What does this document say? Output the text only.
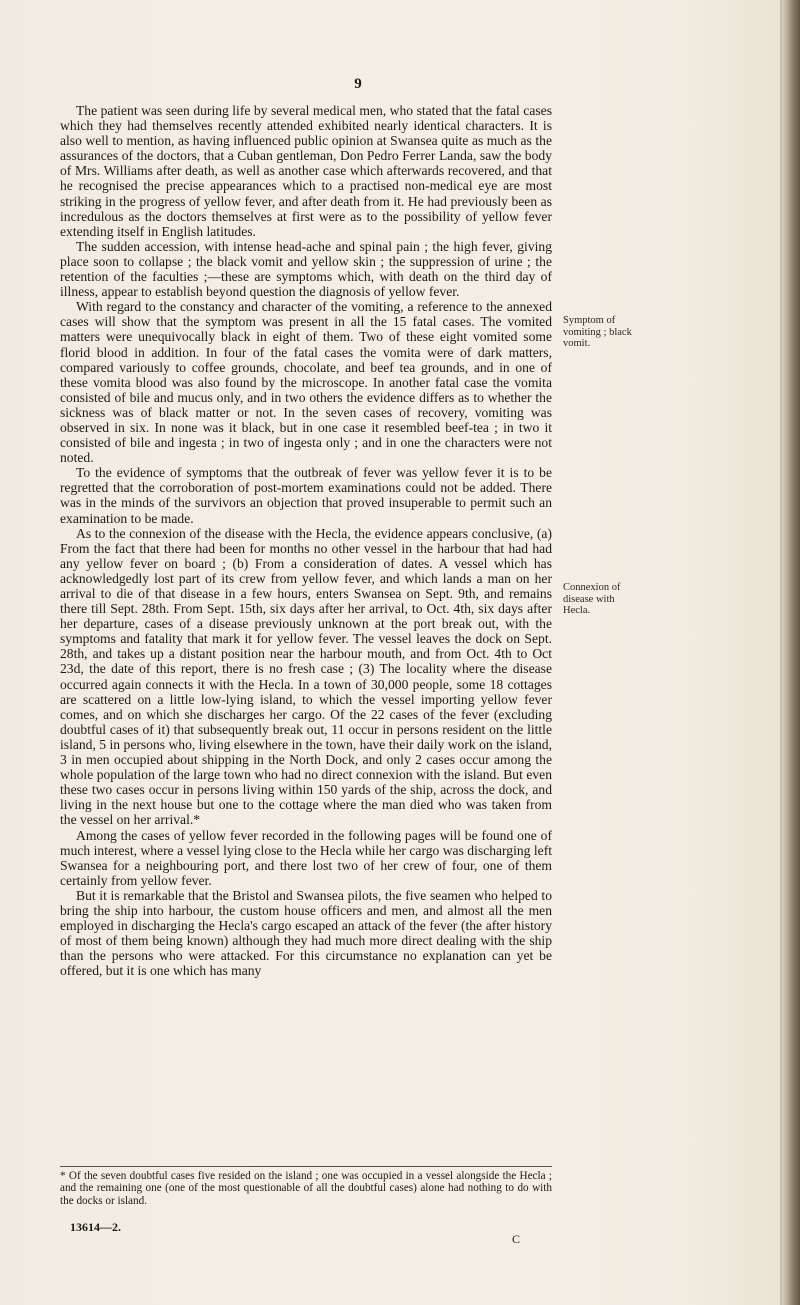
9

The patient was seen during life by several medical men, who stated that the fatal cases which they had themselves recently attended exhibited nearly identical characters. It is also well to mention, as having influenced public opinion at Swansea quite as much as the assurances of the doctors, that a Cuban gentleman, Don Pedro Ferrer Landa, saw the body of Mrs. Williams after death, as well as another case which afterwards recovered, and that he recognised the precise appearances which to a practised non-medical eye are most striking in the progress of yellow fever, and after death from it. He had previously been as incredulous as the doctors themselves at first were as to the possibility of yellow fever extending itself in English latitudes.

The sudden accession, with intense head-ache and spinal pain ; the high fever, giving place soon to collapse ; the black vomit and yellow skin ; the suppression of urine ; the retention of the faculties ;—these are symptoms which, with death on the third day of illness, appear to establish beyond question the diagnosis of yellow fever.

With regard to the constancy and character of the vomiting, a reference to the annexed cases will show that the symptom was present in all the 15 fatal cases. The vomited matters were unequivocally black in eight of them. Two of these eight vomited some florid blood in addition. In four of the fatal cases the vomita were of dark matters, compared variously to coffee grounds, chocolate, and beef tea grounds, and in one of these vomita blood was also found by the microscope. In another fatal case the vomita consisted of bile and mucus only, and in two others the evidence differs as to whether the sickness was of black matter or not. In the seven cases of recovery, vomiting was observed in six. In none was it black, but in one case it resembled beef-tea ; in two it consisted of bile and ingesta ; in two of ingesta only ; and in one the characters were not noted.

To the evidence of symptoms that the outbreak of fever was yellow fever it is to be regretted that the corroboration of post-mortem examinations could not be added. There was in the minds of the survivors an objection that proved insuperable to permit such an examination to be made.

As to the connexion of the disease with the Hecla, the evidence appears conclusive, (a) From the fact that there had been for months no other vessel in the harbour that had had any yellow fever on board ; (b) From a consideration of dates. A vessel which has acknowledgedly lost part of its crew from yellow fever, and which lands a man on her arrival to die of that disease in a few hours, enters Swansea on Sept. 9th, and remains there till Sept. 28th. From Sept. 15th, six days after her arrival, to Oct. 4th, six days after her departure, cases of a disease previously unknown at the port break out, with the symptoms and fatality that mark it for yellow fever. The vessel leaves the dock on Sept. 28th, and takes up a distant position near the harbour mouth, and from Oct. 4th to Oct 23d, the date of this report, there is no fresh case ; (3) The locality where the disease occurred again connects it with the Hecla. In a town of 30,000 people, some 18 cottages are scattered on a little low-lying island, to which the vessel importing yellow fever comes, and on which she discharges her cargo. Of the 22 cases of the fever (excluding doubtful cases of it) that subsequently break out, 11 occur in persons resident on the little island, 5 in persons who, living elsewhere in the town, have their daily work on the island, 3 in men occupied about shipping in the North Dock, and only 2 cases occur among the whole population of the large town who had no direct connexion with the island. But even these two cases occur in persons living within 150 yards of the ship, across the dock, and living in the next house but one to the cottage where the man died who was taken from the vessel on her arrival.*

Among the cases of yellow fever recorded in the following pages will be found one of much interest, where a vessel lying close to the Hecla while her cargo was discharging left Swansea for a neighbouring port, and there lost two of her crew of four, one of them certainly from yellow fever.

But it is remarkable that the Bristol and Swansea pilots, the five seamen who helped to bring the ship into harbour, the custom house officers and men, and almost all the men employed in discharging the Hecla's cargo escaped an attack of the fever (the after history of most of them being known) although they had much more direct dealing with the ship than the persons who were attacked. For this circumstance no explanation can yet be offered, but it is one which has many

Symptom of vomiting ; black vomit.
Connexion of disease with Hecla.
* Of the seven doubtful cases five resided on the island ; one was occupied in a vessel alongside the Hecla ; and the remaining one (one of the most questionable of all the doubtful cases) alone had nothing to do with the docks or island.
13614—2.
C
